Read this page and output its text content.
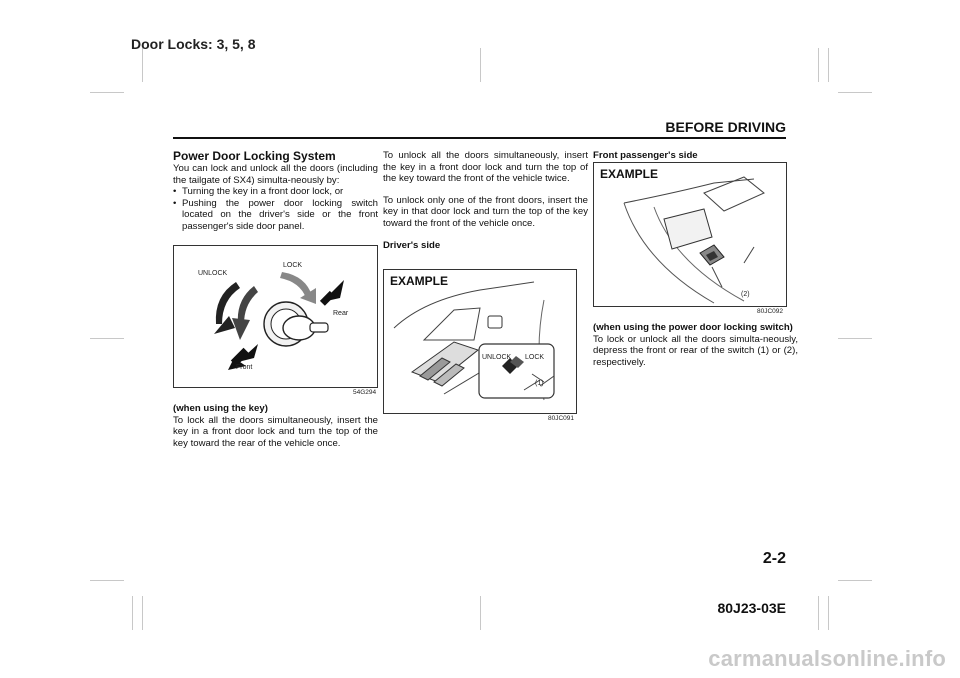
Door Locks: 3, 5, 8
BEFORE DRIVING
Power Door Locking System
You can lock and unlock all the doors (including the tailgate of SX4) simulta-neously by:
• Turning the key in a front door lock, or
• Pushing the power door locking switch located on the driver's side or the front passenger's side door panel.
UNLOCK
LOCK
Rear
Front
54G294
(when using the key)
To lock all the doors simultaneously, insert the key in a front door lock and turn the top of the key toward the rear of the vehicle once.

To unlock all the doors simultaneously, insert the key in a front door lock and turn the top of the key toward the front of the vehicle twice.

To unlock only one of the front doors, insert the key in that door lock and turn the top of the key toward the front of the vehicle once.

Driver's side
EXAMPLE
UNLOCK LOCK
(1)
80JC091
Front passenger's side
EXAMPLE
(2)
80JC092
(when using the power door locking switch)
To lock or unlock all the doors simulta-neously, depress the front or rear of the switch (1) or (2), respectively.
2-2
80J23-03E
carmanualsonline.info
